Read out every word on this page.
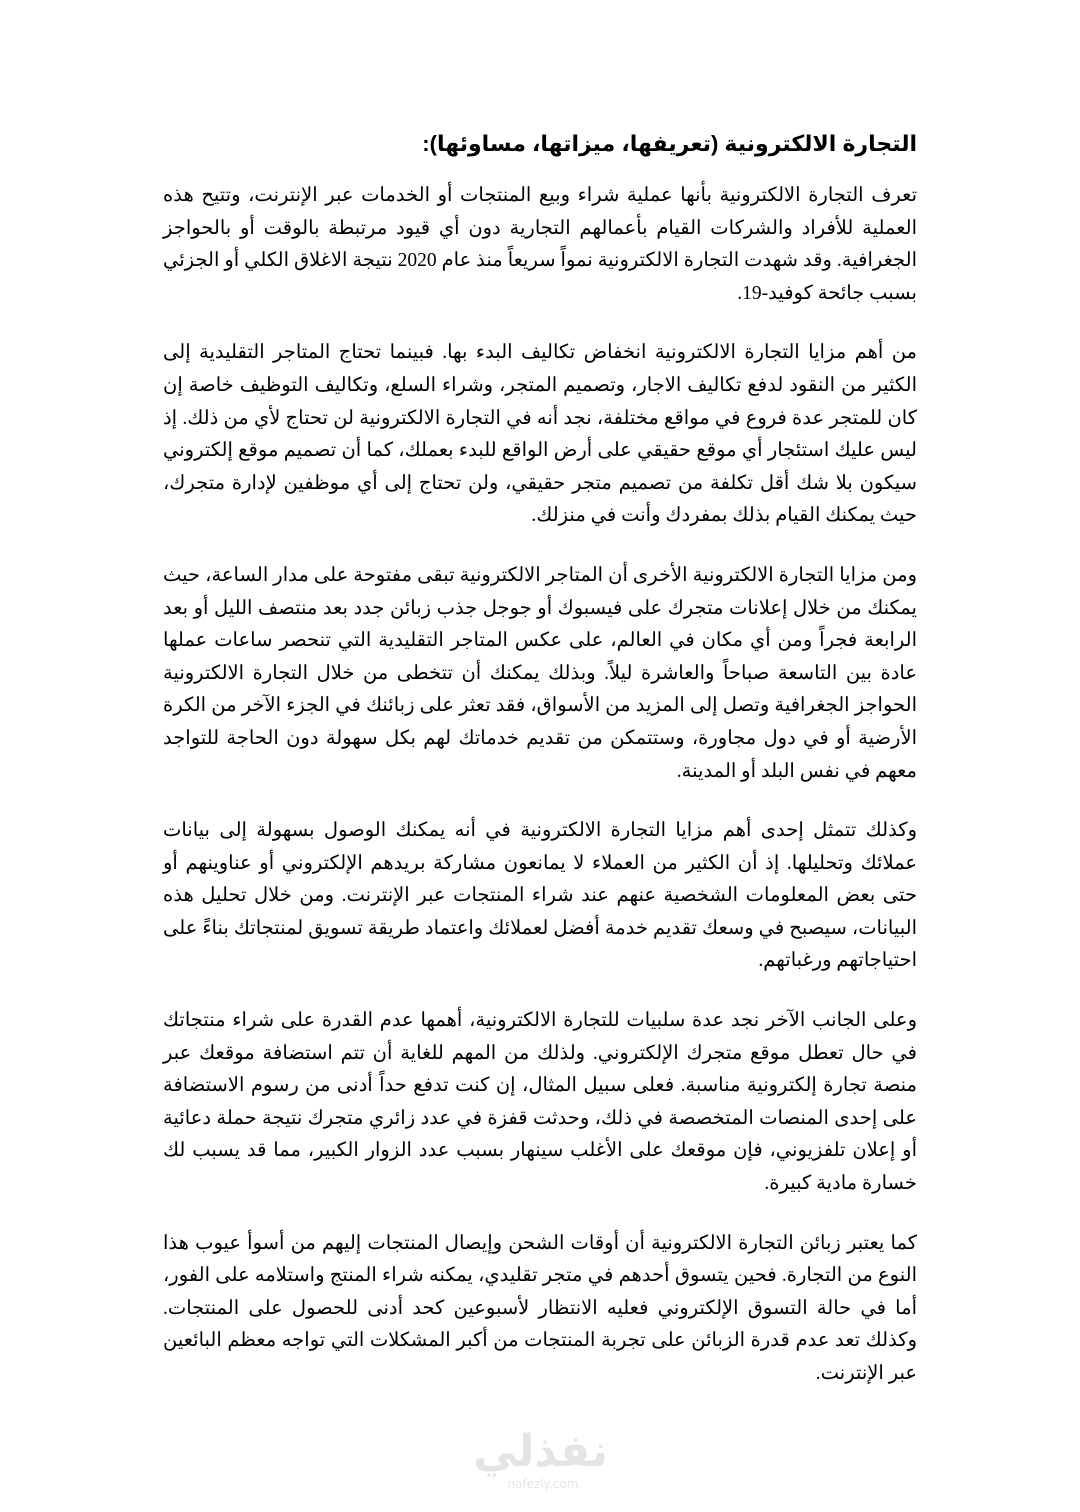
التجارة الالكترونية (تعريفها، ميزاتها، مساوئها):

تعرف التجارة الالكترونية بأنها عملية شراء وبيع المنتجات أو الخدمات عبر الإنترنت، وتتيح هذه العملية للأفراد والشركات القيام بأعمالهم التجارية دون أي قيود مرتبطة بالوقت أو بالحواجز الجغرافية. وقد شهدت التجارة الالكترونية نمواً سريعاً منذ عام 2020 نتيجة الاغلاق الكلي أو الجزئي بسبب جائحة كوفيد-19.

من أهم مزايا التجارة الالكترونية انخفاض تكاليف البدء بها. فبينما تحتاج المتاجر التقليدية إلى الكثير من النقود لدفع تكاليف الاجار، وتصميم المتجر، وشراء السلع، وتكاليف التوظيف خاصة إن كان للمتجر عدة فروع في مواقع مختلفة، نجد أنه في التجارة الالكترونية لن تحتاج لأي من ذلك. إذ ليس عليك استئجار أي موقع حقيقي على أرض الواقع للبدء بعملك، كما أن تصميم موقع إلكتروني سيكون بلا شك أقل تكلفة من تصميم متجر حقيقي، ولن تحتاج إلى أي موظفين لإدارة متجرك، حيث يمكنك القيام بذلك بمفردك وأنت في منزلك.

ومن مزايا التجارة الالكترونية الأخرى أن المتاجر الالكترونية تبقى مفتوحة على مدار الساعة، حيث يمكنك من خلال إعلانات متجرك على فيسبوك أو جوجل جذب زبائن جدد بعد منتصف الليل أو بعد الرابعة فجراً ومن أي مكان في العالم، على عكس المتاجر التقليدية التي تنحصر ساعات عملها عادة بين التاسعة صباحاً والعاشرة ليلاً. وبذلك يمكنك أن تتخطى من خلال التجارة الالكترونية الحواجز الجغرافية وتصل إلى المزيد من الأسواق، فقد تعثر على زبائنك في الجزء الآخر من الكرة الأرضية أو في دول مجاورة، وستتمكن من تقديم خدماتك لهم بكل سهولة دون الحاجة للتواجد معهم في نفس البلد أو المدينة.

وكذلك تتمثل إحدى أهم مزايا التجارة الالكترونية في أنه يمكنك الوصول بسهولة إلى بيانات عملائك وتحليلها. إذ أن الكثير من العملاء لا يمانعون مشاركة بريدهم الإلكتروني أو عناوينهم أو حتى بعض المعلومات الشخصية عنهم عند شراء المنتجات عبر الإنترنت. ومن خلال تحليل هذه البيانات، سيصبح في وسعك تقديم خدمة أفضل لعملائك واعتماد طريقة تسويق لمنتجاتك بناءً على احتياجاتهم ورغباتهم.

وعلى الجانب الآخر نجد عدة سلبيات للتجارة الالكترونية، أهمها عدم القدرة على شراء منتجاتك في حال تعطل موقع متجرك الإلكتروني. ولذلك من المهم للغاية أن تتم استضافة موقعك عبر منصة تجارة إلكترونية مناسبة. فعلى سبيل المثال، إن كنت تدفع حداً أدنى من رسوم الاستضافة على إحدى المنصات المتخصصة في ذلك، وحدثت قفزة في عدد زائري متجرك نتيجة حملة دعائية أو إعلان تلفزيوني، فإن موقعك على الأغلب سينهار بسبب عدد الزوار الكبير، مما قد يسبب لك خسارة مادية كبيرة.

كما يعتبر زبائن التجارة الالكترونية أن أوقات الشحن وإيصال المنتجات إليهم من أسوأ عيوب هذا النوع من التجارة. فحين يتسوق أحدهم في متجر تقليدي، يمكنه شراء المنتج واستلامه على الفور، أما في حالة التسوق الإلكتروني فعليه الانتظار لأسبوعين كحد أدنى للحصول على المنتجات. وكذلك تعد عدم قدرة الزبائن على تجربة المنتجات من أكبر المشكلات التي تواجه معظم البائعين عبر الإنترنت.

نفذلي
nafezly.com
